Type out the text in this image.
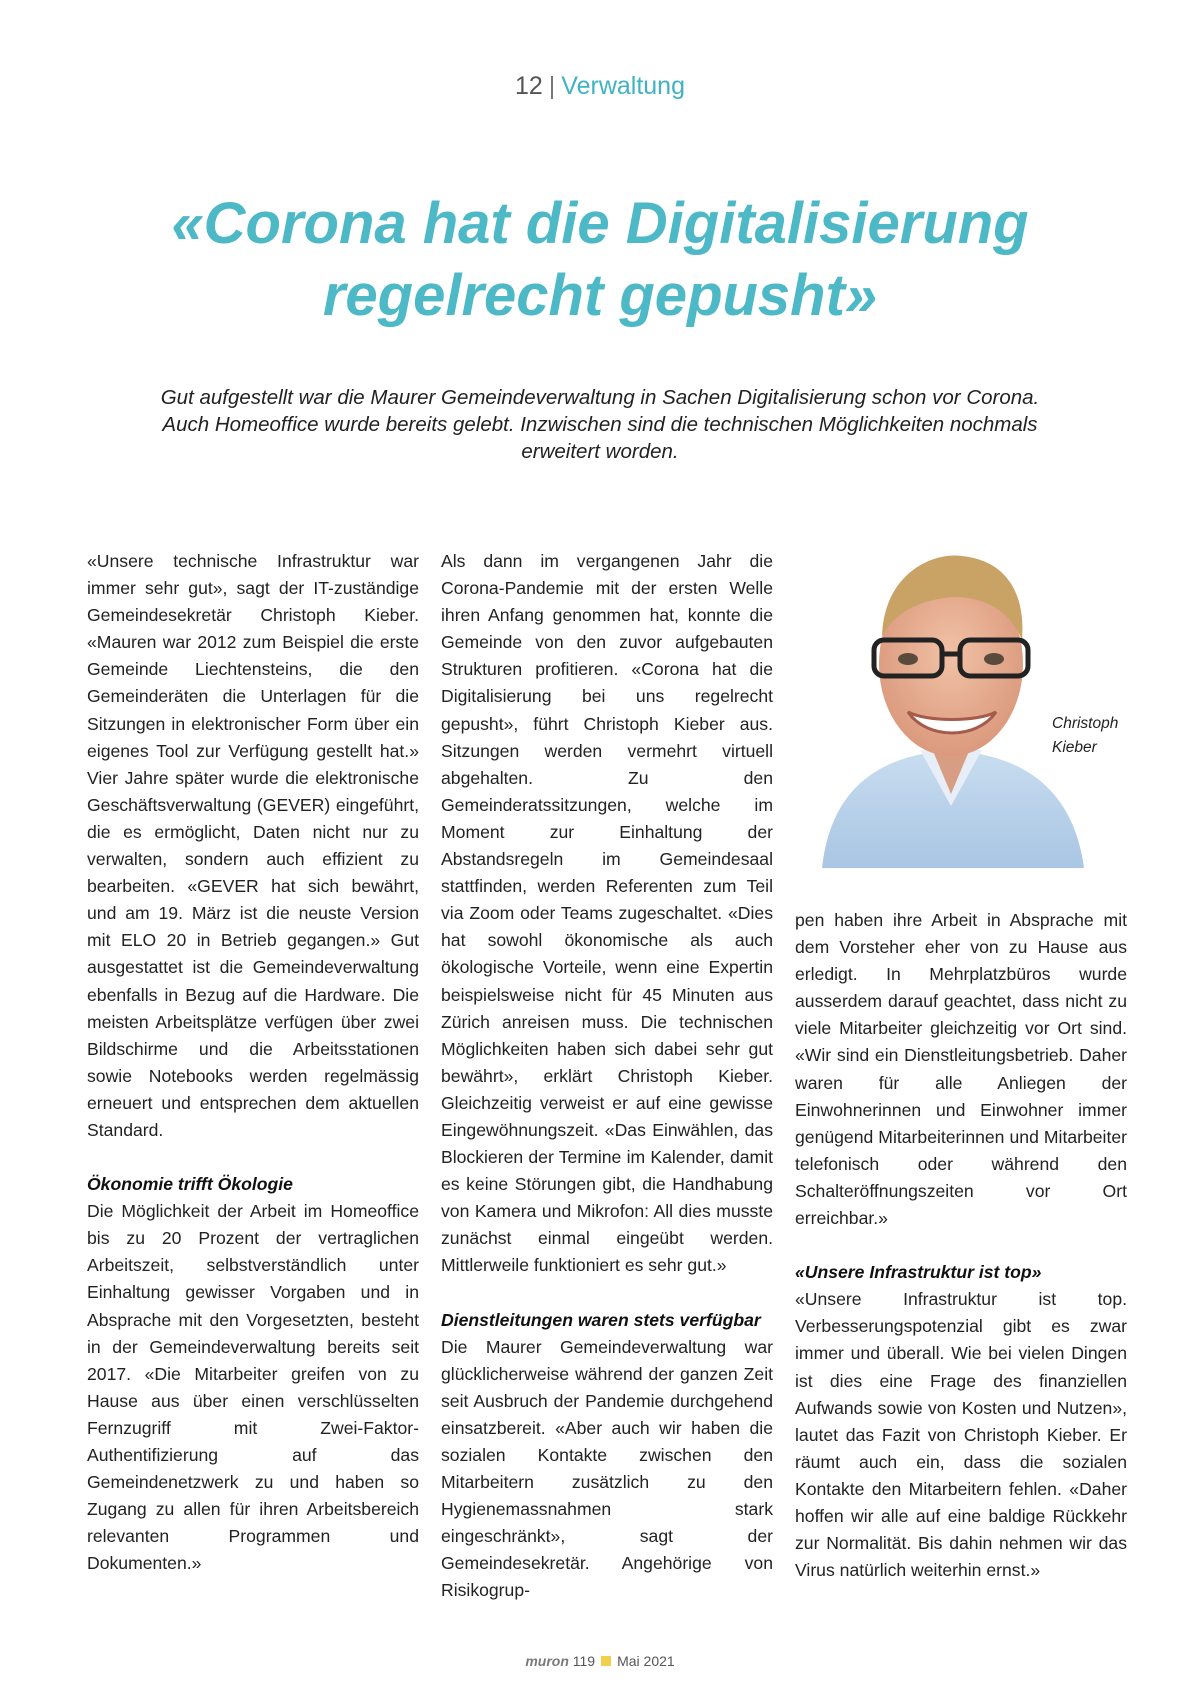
12 | Verwaltung
«Corona hat die Digitalisierung
regelrecht gepusht»

Gut aufgestellt war die Maurer Gemeindeverwaltung in Sachen Digitalisierung schon vor Corona. Auch Homeoffice wurde bereits gelebt. Inzwischen sind die technischen Möglichkeiten nochmals erweitert worden.

«Unsere technische Infrastruktur war immer sehr gut», sagt der IT-zuständige Gemeindesekretär Christoph Kieber. «Mauren war 2012 zum Beispiel die erste Gemeinde Liechtensteins, die den Gemeinderäten die Unterlagen für die Sitzungen in elektronischer Form über ein eigenes Tool zur Verfügung gestellt hat.» Vier Jahre später wurde die elektronische Geschäftsverwaltung (GEVER) eingeführt, die es ermöglicht, Daten nicht nur zu verwalten, sondern auch effizient zu bearbeiten. «GEVER hat sich bewährt, und am 19. März ist die neuste Version mit ELO 20 in Betrieb gegangen.» Gut ausgestattet ist die Gemeindeverwaltung ebenfalls in Bezug auf die Hardware. Die meisten Arbeitsplätze verfügen über zwei Bildschirme und die Arbeitsstationen sowie Notebooks werden regelmässig erneuert und entsprechen dem aktuellen Standard.

Ökonomie trifft Ökologie

Die Möglichkeit der Arbeit im Homeoffice bis zu 20 Prozent der vertraglichen Arbeitszeit, selbstverständlich unter Einhaltung gewisser Vorgaben und in Absprache mit den Vorgesetzten, besteht in der Gemeindeverwaltung bereits seit 2017. «Die Mitarbeiter greifen von zu Hause aus über einen verschlüsselten Fernzugriff mit Zwei-Faktor-Authentifizierung auf das Gemeindenetzwerk zu und haben so Zugang zu allen für ihren Arbeitsbereich relevanten Programmen und Dokumenten.»

Als dann im vergangenen Jahr die Corona-Pandemie mit der ersten Welle ihren Anfang genommen hat, konnte die Gemeinde von den zuvor aufgebauten Strukturen profitieren. «Corona hat die Digitalisierung bei uns regelrecht gepusht», führt Christoph Kieber aus. Sitzungen werden vermehrt virtuell abgehalten. Zu den Gemeinderatssitzungen, welche im Moment zur Einhaltung der Abstandsregeln im Gemeindesaal stattfinden, werden Referenten zum Teil via Zoom oder Teams zugeschaltet. «Dies hat sowohl ökonomische als auch ökologische Vorteile, wenn eine Expertin beispielsweise nicht für 45 Minuten aus Zürich anreisen muss. Die technischen Möglichkeiten haben sich dabei sehr gut bewährt», erklärt Christoph Kieber. Gleichzeitig verweist er auf eine gewisse Eingewöhnungszeit. «Das Einwählen, das Blockieren der Termine im Kalender, damit es keine Störungen gibt, die Handhabung von Kamera und Mikrofon: All dies musste zunächst einmal eingeübt werden. Mittlerweile funktioniert es sehr gut.»

Dienstleitungen waren stets verfügbar

Die Maurer Gemeindeverwaltung war glücklicherweise während der ganzen Zeit seit Ausbruch der Pandemie durchgehend einsatzbereit. «Aber auch wir haben die sozialen Kontakte zwischen den Mitarbeitern zusätzlich zu den Hygienemassnahmen stark eingeschränkt», sagt der Gemeindesekretär. Angehörige von Risikogrup-

Christoph
Kieber

pen haben ihre Arbeit in Absprache mit dem Vorsteher eher von zu Hause aus erledigt. In Mehrplatzbüros wurde ausserdem darauf geachtet, dass nicht zu viele Mitarbeiter gleichzeitig vor Ort sind. «Wir sind ein Dienstleitungsbetrieb. Daher waren für alle Anliegen der Einwohnerinnen und Einwohner immer genügend Mitarbeiterinnen und Mitarbeiter telefonisch oder während den Schalteröffnungszeiten vor Ort erreichbar.»

«Unsere Infrastruktur ist top»

«Unsere Infrastruktur ist top. Verbesserungspotenzial gibt es zwar immer und überall. Wie bei vielen Dingen ist dies eine Frage des finanziellen Aufwands sowie von Kosten und Nutzen», lautet das Fazit von Christoph Kieber. Er räumt auch ein, dass die sozialen Kontakte den Mitarbeitern fehlen. «Daher hoffen wir alle auf eine baldige Rückkehr zur Normalität. Bis dahin nehmen wir das Virus natürlich weiterhin ernst.»

muron 119 Mai 2021
